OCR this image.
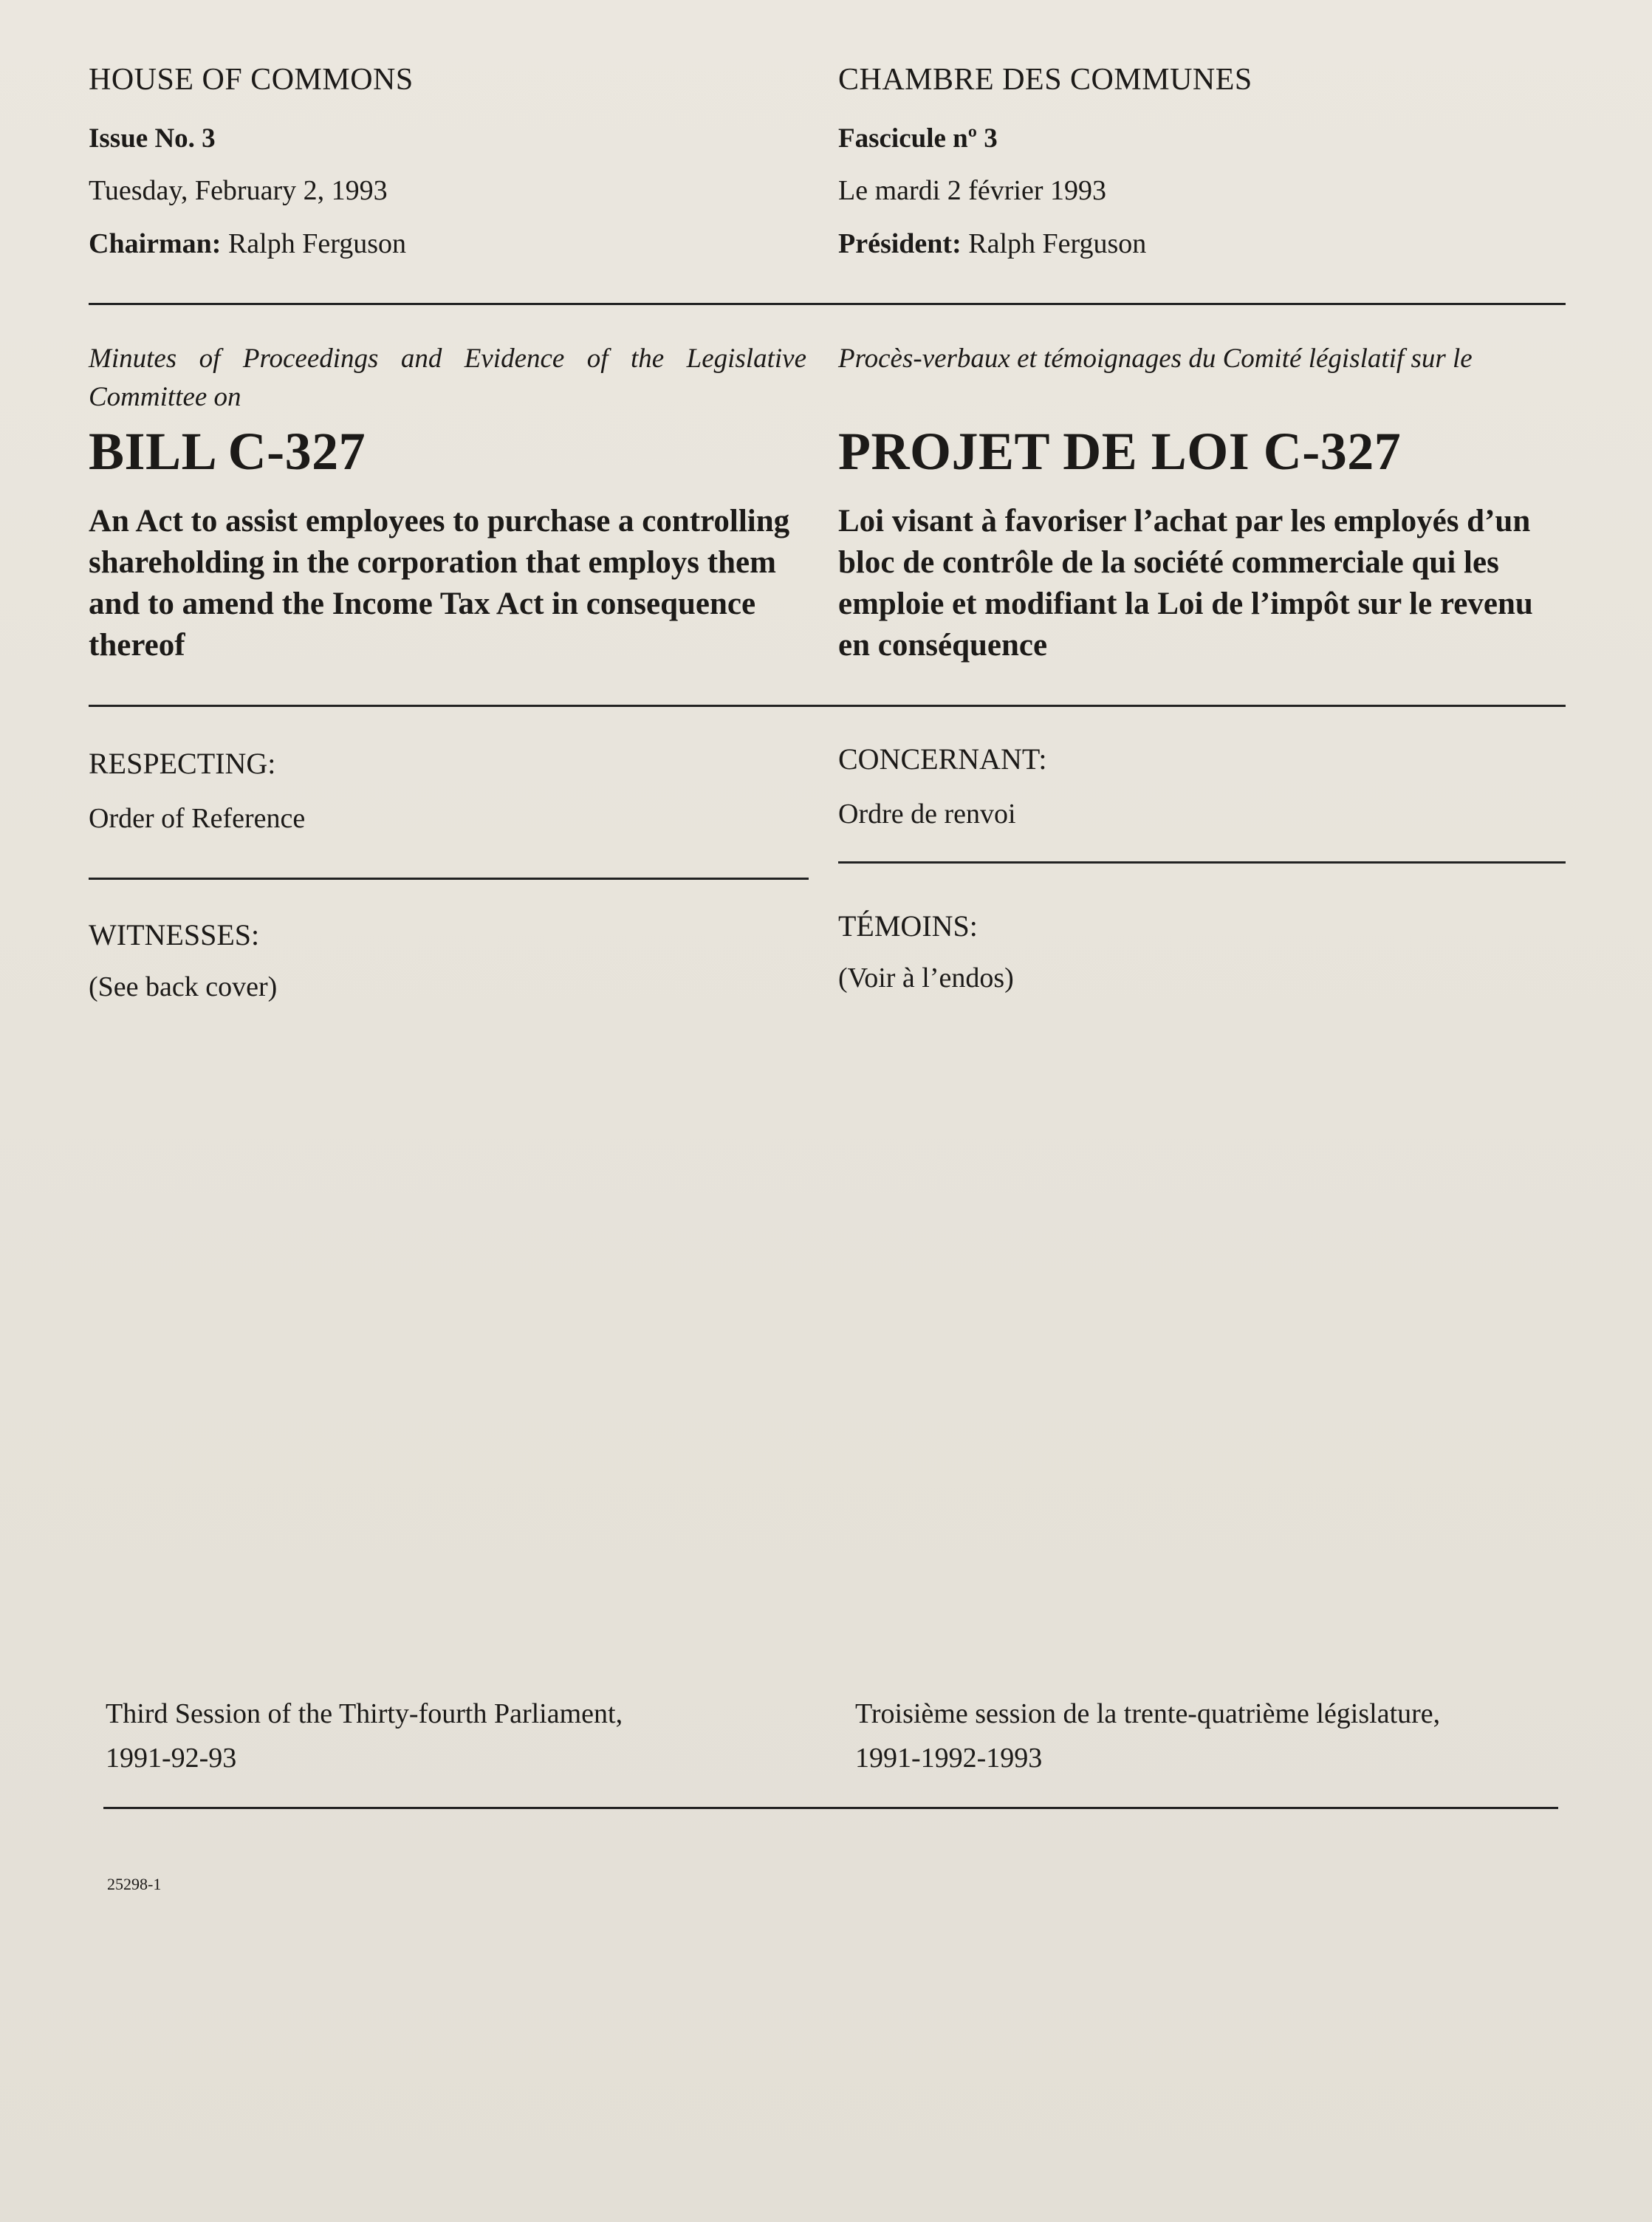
HOUSE OF COMMONS
Issue No. 3
Tuesday, February 2, 1993
Chairman: Ralph Ferguson
Minutes of Proceedings and Evidence of the Legislative Committee on
BILL C-327
An Act to assist employees to purchase a controlling shareholding in the corporation that employs them and to amend the Income Tax Act in consequence thereof
RESPECTING:
Order of Reference
WITNESSES:
(See back cover)
Third Session of the Thirty-fourth Parliament,
1991-92-93
CHAMBRE DES COMMUNES
Fascicule nº 3
Le mardi 2 février 1993
Président: Ralph Ferguson
Procès-verbaux et témoignages du Comité législatif sur le
PROJET DE LOI C-327
Loi visant à favoriser l’achat par les employés d’un bloc de contrôle de la société commerciale qui les emploie et modifiant la Loi de l’impôt sur le revenu en conséquence
CONCERNANT:
Ordre de renvoi
TÉMOINS:
(Voir à l’endos)
Troisième session de la trente-quatrième législature,
1991-1992-1993
25298-1
